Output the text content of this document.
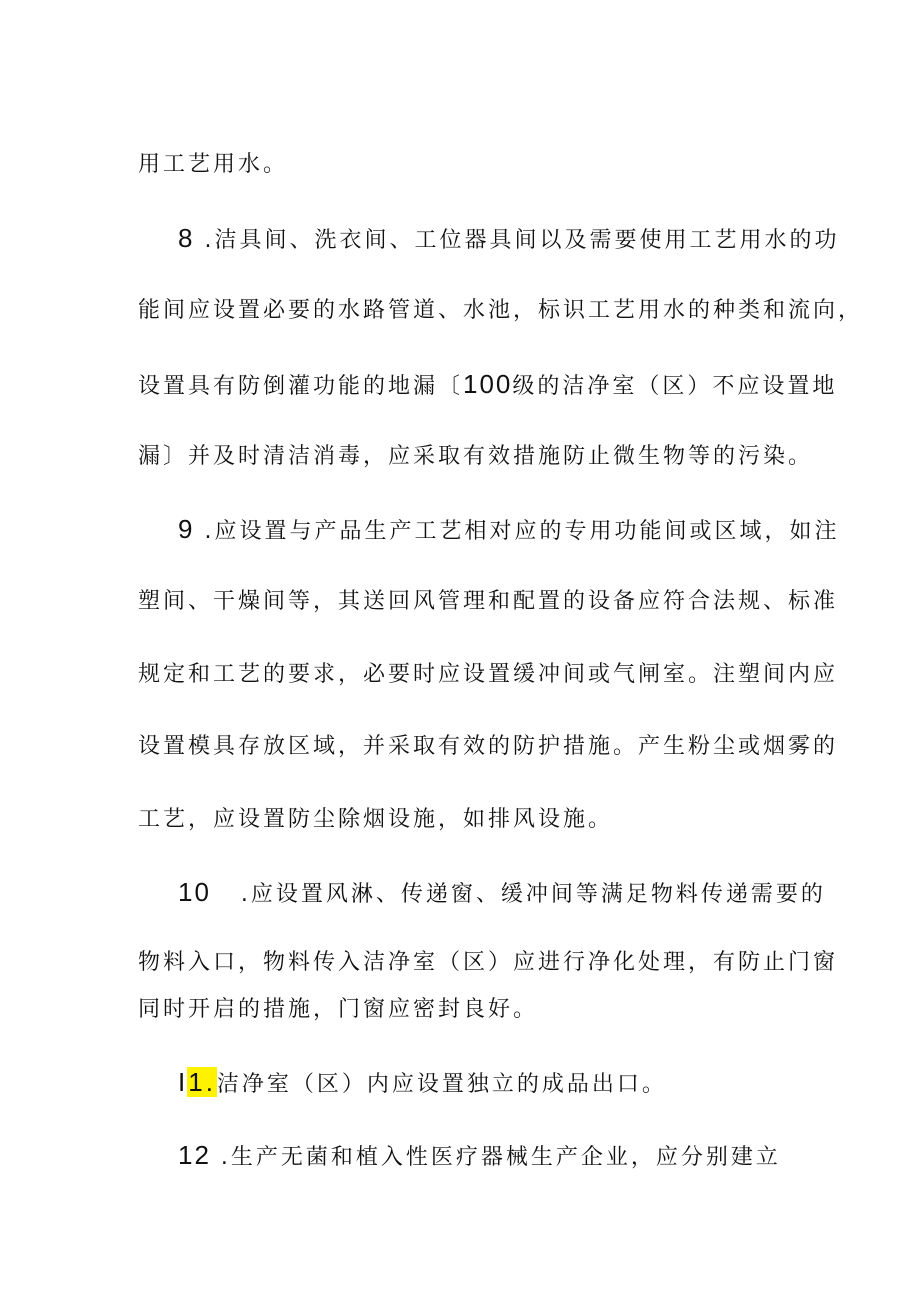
用工艺用水。
8 .洁具间、洗衣间、工位器具间以及需要使用工艺用水的功
能间应设置必要的水路管道、水池，标识工艺用水的种类和流向，
设置具有防倒灌功能的地漏〔100级的洁净室（区）不应设置地
漏〕并及时清洁消毒，应采取有效措施防止微生物等的污染。
9 .应设置与产品生产工艺相对应的专用功能间或区域，如注
塑间、干燥间等，其送回风管理和配置的设备应符合法规、标准
规定和工艺的要求，必要时应设置缓冲间或气闸室。注塑间内应
设置模具存放区域，并采取有效的防护措施。产生粉尘或烟雾的
工艺，应设置防尘除烟设施，如排风设施。
10 .应设置风淋、传递窗、缓冲间等满足物料传递需要的
物料入口，物料传入洁净室（区）应进行净化处理，有防止门窗
同时开启的措施，门窗应密封良好。
I1.洁净室（区）内应设置独立的成品出口。
12 .生产无菌和植入性医疗器械生产企业，应分别建立
